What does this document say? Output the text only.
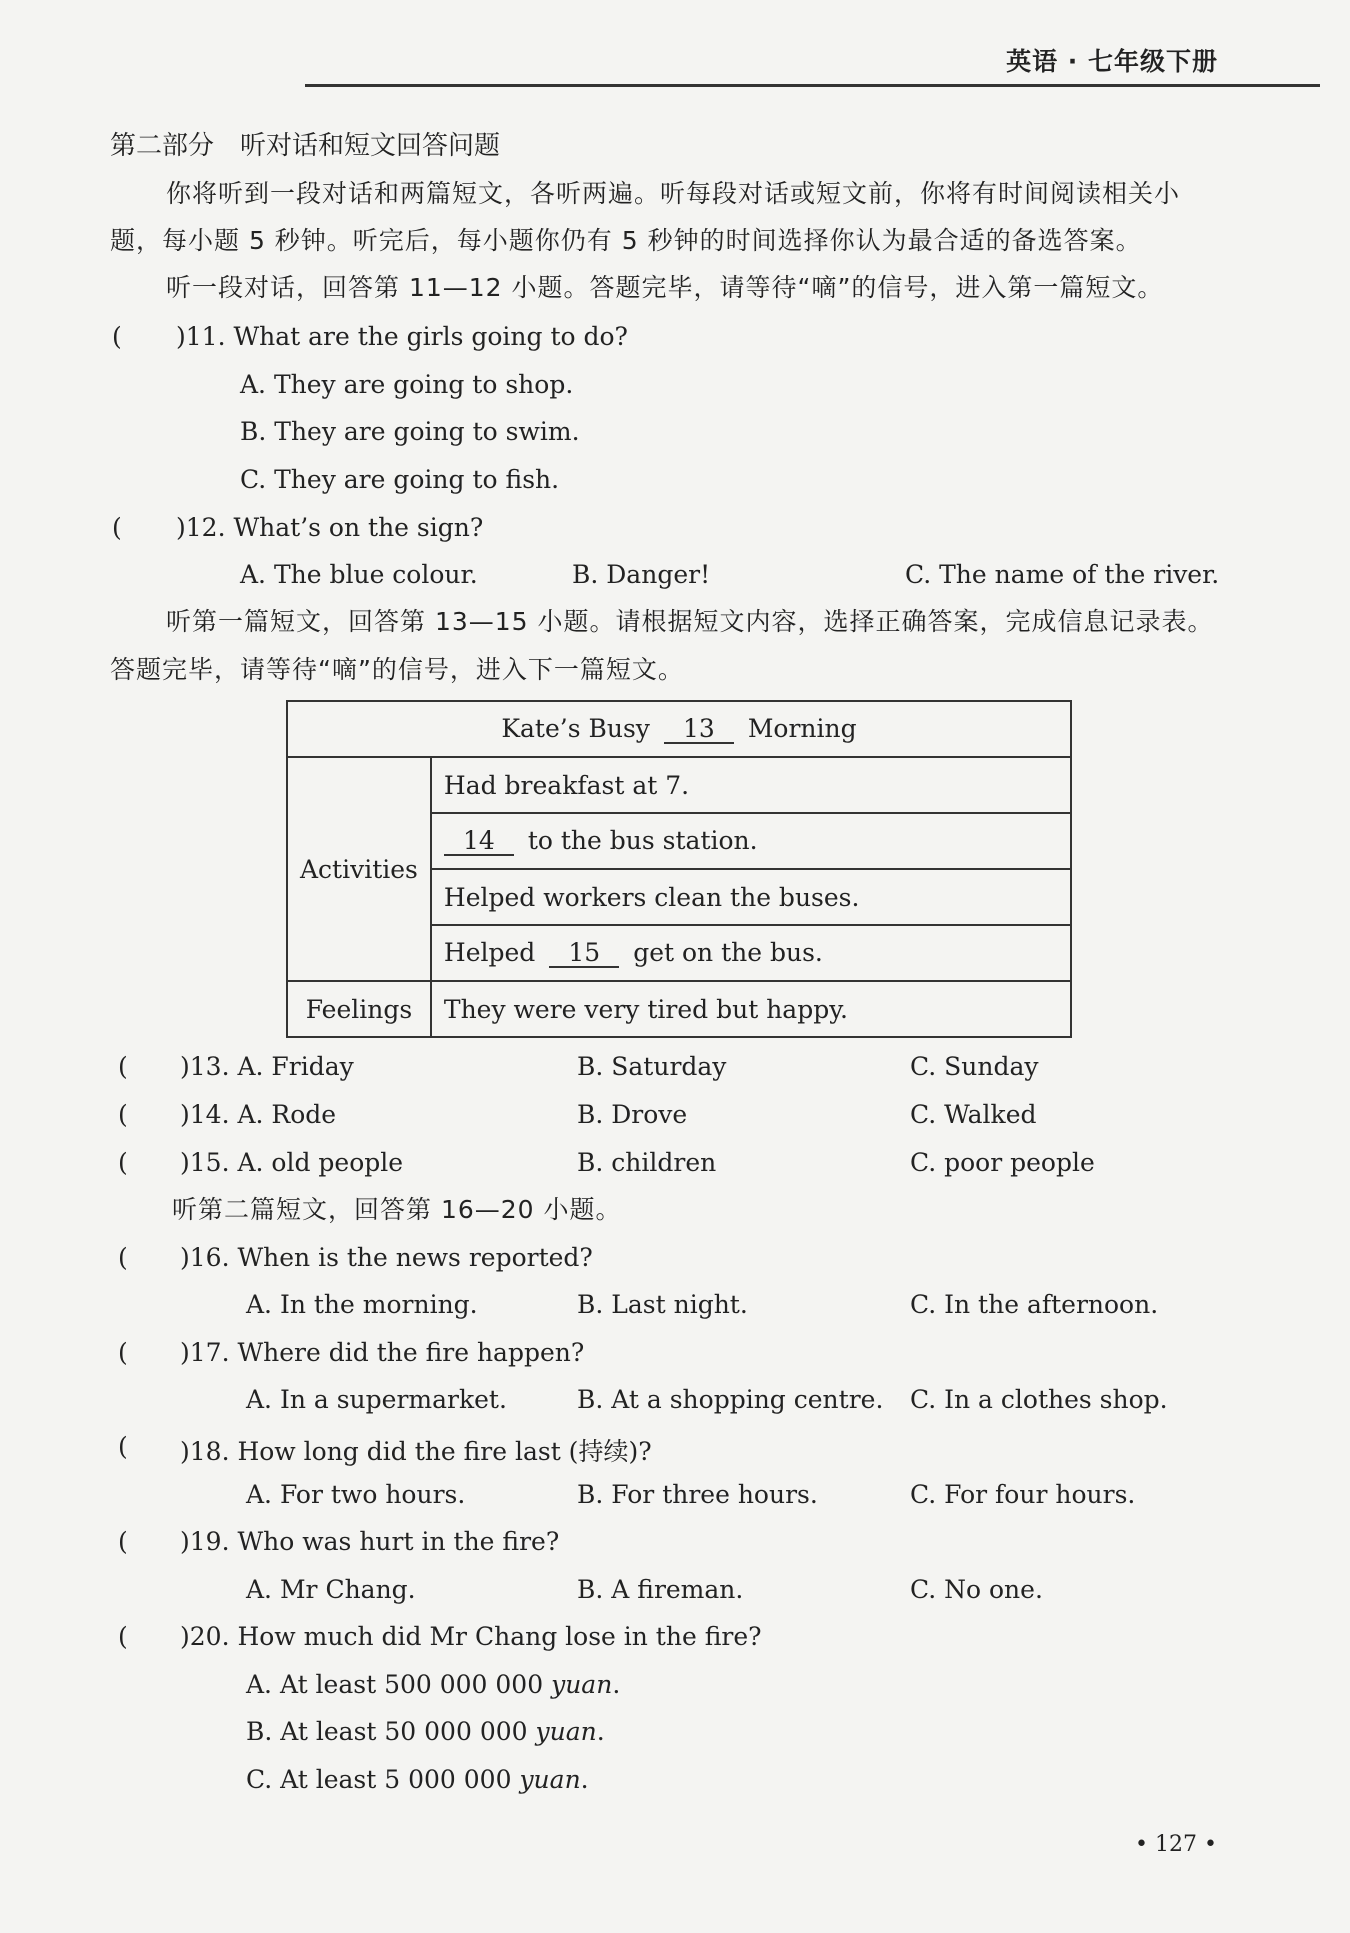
英语 · 七年级下册
第二部分　听对话和短文回答问题
你将听到一段对话和两篇短文，各听两遍。听每段对话或短文前，你将有时间阅读相关小
题，每小题 5 秒钟。听完后，每小题你仍有 5 秒钟的时间选择你认为最合适的备选答案。
听一段对话，回答第 11—12 小题。答题完毕，请等待“嘀”的信号，进入第一篇短文。
( )11. What are the girls going to do?
A. They are going to shop.
B. They are going to swim.
C. They are going to fish.
( )12. What’s on the sign?
A. The blue colour.	B. Danger!	C. The name of the river.
听第一篇短文，回答第 13—15 小题。请根据短文内容，选择正确答案，完成信息记录表。
答题完毕，请等待“嘀”的信号，进入下一篇短文。
Kate’s Busy 13 Morning	
Activities	Had breakfast at 7.
	14 to the bus station.
	Helped workers clean the buses.
	Helped 15 get on the bus.
Feelings	They were very tired but happy.
( )13. A. Friday	B. Saturday	C. Sunday
( )14. A. Rode	B. Drove	C. Walked
( )15. A. old people	B. children	C. poor people
听第二篇短文，回答第 16—20 小题。
( )16. When is the news reported?
A. In the morning.	B. Last night.	C. In the afternoon.
( )17. Where did the fire happen?
A. In a supermarket.	B. At a shopping centre. C. In a clothes shop.
( )18. How long did the fire last (持续)?
A. For two hours.	B. For three hours.	C. For four hours.
( )19. Who was hurt in the fire?
A. Mr Chang.	B. A fireman.	C. No one.
( )20. How much did Mr Chang lose in the fire?
A. At least 500 000 000 yuan.
B. At least 50 000 000 yuan.
C. At least 5 000 000 yuan.
• 127 •
